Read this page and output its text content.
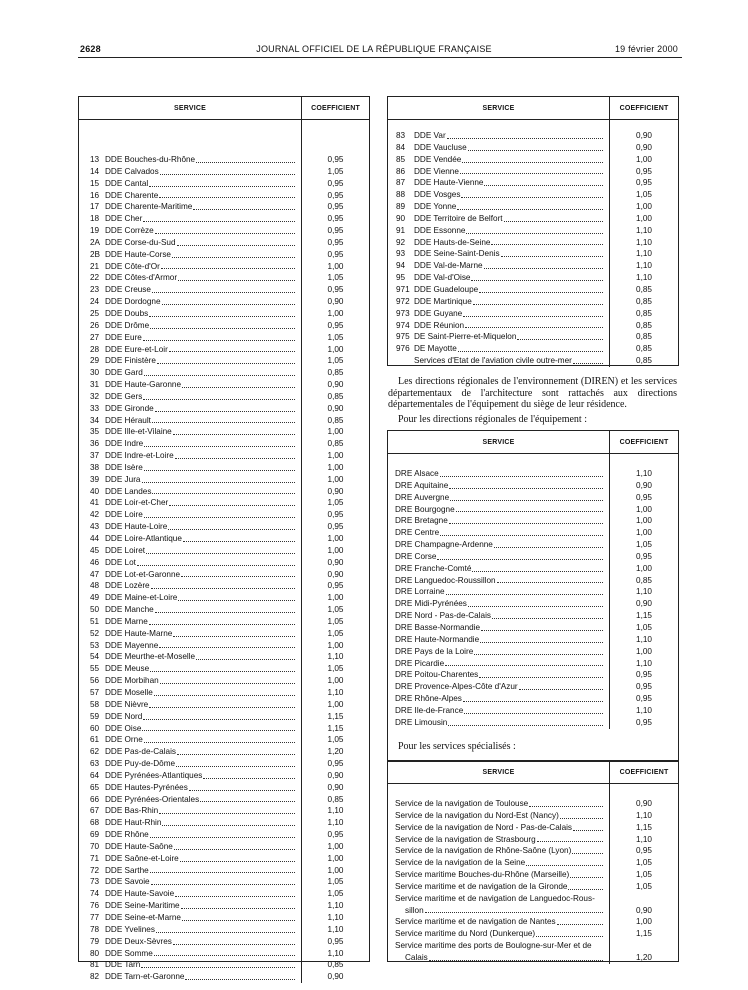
2628	JOURNAL OFFICIEL DE LA RÉPUBLIQUE FRANÇAISE	19 février 2000
SERVICE	COEFFICIENT
13 DDE Bouches-du-Rhône	0,95
14 DDE Calvados	1,05
15 DDE Cantal	0,95
16 DDE Charente	0,95
17 DDE Charente-Maritime	0,95
18 DDE Cher	0,95
19 DDE Corrèze	0,95
2A DDE Corse-du-Sud	0,95
2B DDE Haute-Corse	0,95
21 DDE Côte-d'Or	1,00
22 DDE Côtes-d'Armor	1,05
23 DDE Creuse	0,95
24 DDE Dordogne	0,90
25 DDE Doubs	1,00
26 DDE Drôme	0,95
27 DDE Eure	1,05
28 DDE Eure-et-Loir	1,00
29 DDE Finistère	1,05
30 DDE Gard	0,85
31 DDE Haute-Garonne	0,90
32 DDE Gers	0,85
33 DDE Gironde	0,90
34 DDE Hérault	0,85
35 DDE Ille-et-Vilaine	1,00
36 DDE Indre	0,85
37 DDE Indre-et-Loire	1,00
38 DDE Isère	1,00
39 DDE Jura	1,00
40 DDE Landes	0,90
41 DDE Loir-et-Cher	1,05
42 DDE Loire	0,95
43 DDE Haute-Loire	0,95
44 DDE Loire-Atlantique	1,00
45 DDE Loiret	1,00
46 DDE Lot	0,90
47 DDE Lot-et-Garonne	0,90
48 DDE Lozère	0,95
49 DDE Maine-et-Loire	1,00
50 DDE Manche	1,05
51 DDE Marne	1,05
52 DDE Haute-Marne	1,05
53 DDE Mayenne	1,00
54 DDE Meurthe-et-Moselle	1,10
55 DDE Meuse	1,05
56 DDE Morbihan	1,00
57 DDE Moselle	1,10
58 DDE Nièvre	1,00
59 DDE Nord	1,15
60 DDE Oise	1,15
61 DDE Orne	1,05
62 DDE Pas-de-Calais	1,20
63 DDE Puy-de-Dôme	0,95
64 DDE Pyrénées-Atlantiques	0,90
65 DDE Hautes-Pyrénées	0,90
66 DDE Pyrénées-Orientales	0,85
67 DDE Bas-Rhin	1,10
68 DDE Haut-Rhin	1,10
69 DDE Rhône	0,95
70 DDE Haute-Saône	1,00
71 DDE Saône-et-Loire	1,00
72 DDE Sarthe	1,00
73 DDE Savoie	1,05
74 DDE Haute-Savoie	1,05
76 DDE Seine-Maritime	1,10
77 DDE Seine-et-Marne	1,10
78 DDE Yvelines	1,10
79 DDE Deux-Sèvres	0,95
80 DDE Somme	1,10
81 DDE Tarn	0,85
82 DDE Tarn-et-Garonne	0,90
SERVICE	COEFFICIENT
83	DDE Var	0,90
84	DDE Vaucluse	0,90
85	DDE Vendée	1,00
86	DDE Vienne	0,95
87	DDE Haute-Vienne	0,95
88	DDE Vosges	1,05
89	DDE Yonne	1,00
90	DDE Territoire de Belfort	1,00
91	DDE Essonne	1,10
92	DDE Hauts-de-Seine	1,10
93	DDE Seine-Saint-Denis	1,10
94	DDE Val-de-Marne	1,10
95	DDE Val-d'Oise	1,10
971 DDE Guadeloupe	0,85
972 DDE Martinique	0,85
973 DDE Guyane	0,85
974 DDE Réunion	0,85
975 DE Saint-Pierre-et-Miquelon	0,85
976 DE Mayotte	0,85
Services d'Etat de l'aviation civile outre-mer	0,85
Les directions régionales de l'environnement (DIREN) et les services départementaux de l'architecture sont rattachés aux directions départementales de l'équipement du siège de leur résidence.
Pour les directions régionales de l'équipement :
SERVICE	COEFFICIENT
DRE Alsace	1,10
DRE Aquitaine	0,90
DRE Auvergne	0,95
DRE Bourgogne	1,00
DRE Bretagne	1,00
DRE Centre	1,00
DRE Champagne-Ardenne	1,05
DRE Corse	0,95
DRE Franche-Comté	1,00
DRE Languedoc-Roussillon	0,85
DRE Lorraine	1,10
DRE Midi-Pyrénées	0,90
DRE Nord - Pas-de-Calais	1,15
DRE Basse-Normandie	1,05
DRE Haute-Normandie	1,10
DRE Pays de la Loire	1,00
DRE Picardie	1,10
DRE Poitou-Charentes	0,95
DRE Provence-Alpes-Côte d'Azur	0,95
DRE Rhône-Alpes	0,95
DRE Ile-de-France	1,10
DRE Limousin	0,95
Pour les services spécialisés :
SERVICE	COEFFICIENT
Service de la navigation de Toulouse	0,90
Service de la navigation du Nord-Est (Nancy)	1,10
Service de la navigation de Nord - Pas-de-Calais	1,15
Service de la navigation de Strasbourg	1,10
Service de la navigation de Rhône-Saône (Lyon)	0,95
Service de la navigation de la Seine	1,05
Service maritime Bouches-du-Rhône (Marseille)	1,05
Service maritime et de navigation de la Gironde	1,05
Service maritime et de navigation de Languedoc-Rous-
sillon	0,90
Service maritime et de navigation de Nantes	1,00
Service maritime du Nord (Dunkerque)	1,15
Service maritime des ports de Boulogne-sur-Mer et de
Calais	1,20
